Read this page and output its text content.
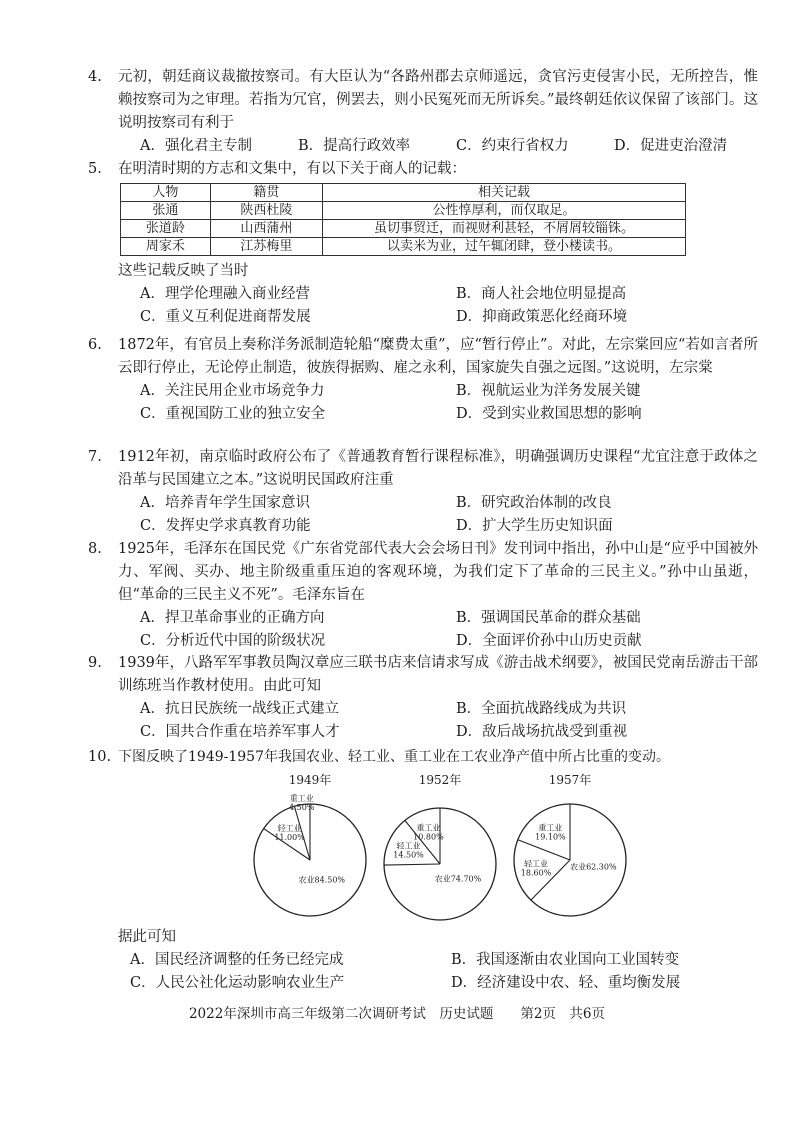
4. 元初，朝廷商议裁撤按察司。有大臣认为“各路州郡去京师遥远，贪官污吏侵害小民，无所控告，惟赖按察司为之审理。若指为冗官，例罢去，则小民冤死而无所诉矣。”最终朝廷依议保留了该部门。这说明按察司有利于

A．强化君主专制	B．提高行政效率	C．约束行省权力	D．促进吏治澄清
5. 在明清时期的方志和文集中，有以下关于商人的记载：

人物	籍贯	相关记载
张通	陕西杜陵	公性惇厚利，而仅取足。
张道龄	山西蒲州	虽切事贸迁，而视财利甚轻，不屑屑较锱铢。
周家禾	江苏梅里	以卖米为业，过午辄闭肆，登小楼读书。

这些记载反映了当时

A．理学伦理融入商业经营	B．商人社会地位明显提高
C．重义互利促进商帮发展	D．抑商政策恶化经商环境
6. 1872年，有官员上奏称洋务派制造轮船“糜费太重”，应“暂行停止”。对此，左宗棠回应“若如言者所云即行停止，无论停止制造，彼族得据购、雇之永利，国家旋失自强之远图。”这说明，左宗棠

A．关注民用企业市场竞争力	B．视航运业为洋务发展关键
C．重视国防工业的独立安全	D．受到实业救国思想的影响
7. 1912年初，南京临时政府公布了《普通教育暂行课程标准》，明确强调历史课程“尤宜注意于政体之沿革与民国建立之本。”这说明民国政府注重

A．培养青年学生国家意识	B．研究政治体制的改良
C．发挥史学求真教育功能	D．扩大学生历史知识面
8. 1925年，毛泽东在国民党《广东省党部代表大会会场日刊》发刊词中指出，孙中山是“应乎中国被外力、军阀、买办、地主阶级重重压迫的客观环境，为我们定下了革命的三民主义。”孙中山虽逝，但“革命的三民主义不死”。毛泽东旨在

A．捍卫革命事业的正确方向	B．强调国民革命的群众基础
C．分析近代中国的阶级状况	D．全面评价孙中山历史贡献
9. 1939年，八路军军事教员陶汉章应三联书店来信请求写成《游击战术纲要》，被国民党南岳游击干部训练班当作教材使用。由此可知

A．抗日民族统一战线正式建立	B．全面抗战路线成为共识
C．国共合作重在培养军事人才	D．敌后战场抗战受到重视
10. 下图反映了1949-1957年我国农业、轻工业、重工业在工农业净产值中所占比重的变动。

1949年
重工业 4.50%
轻工业 11.00%
农业84.50%
1952年
重工业 10.80%
轻工业 14.50%
农业74.70%
1957年
重工业 19.10%
轻工业 18.60%
农业62.30%

据此可知

A．国民经济调整的任务已经完成	B．我国逐渐由农业国向工业国转变
C．人民公社化运动影响农业生产	D．经济建设中农、轻、重均衡发展
2022年深圳市高三年级第二次调研考试　历史试题　　第2页　共6页
